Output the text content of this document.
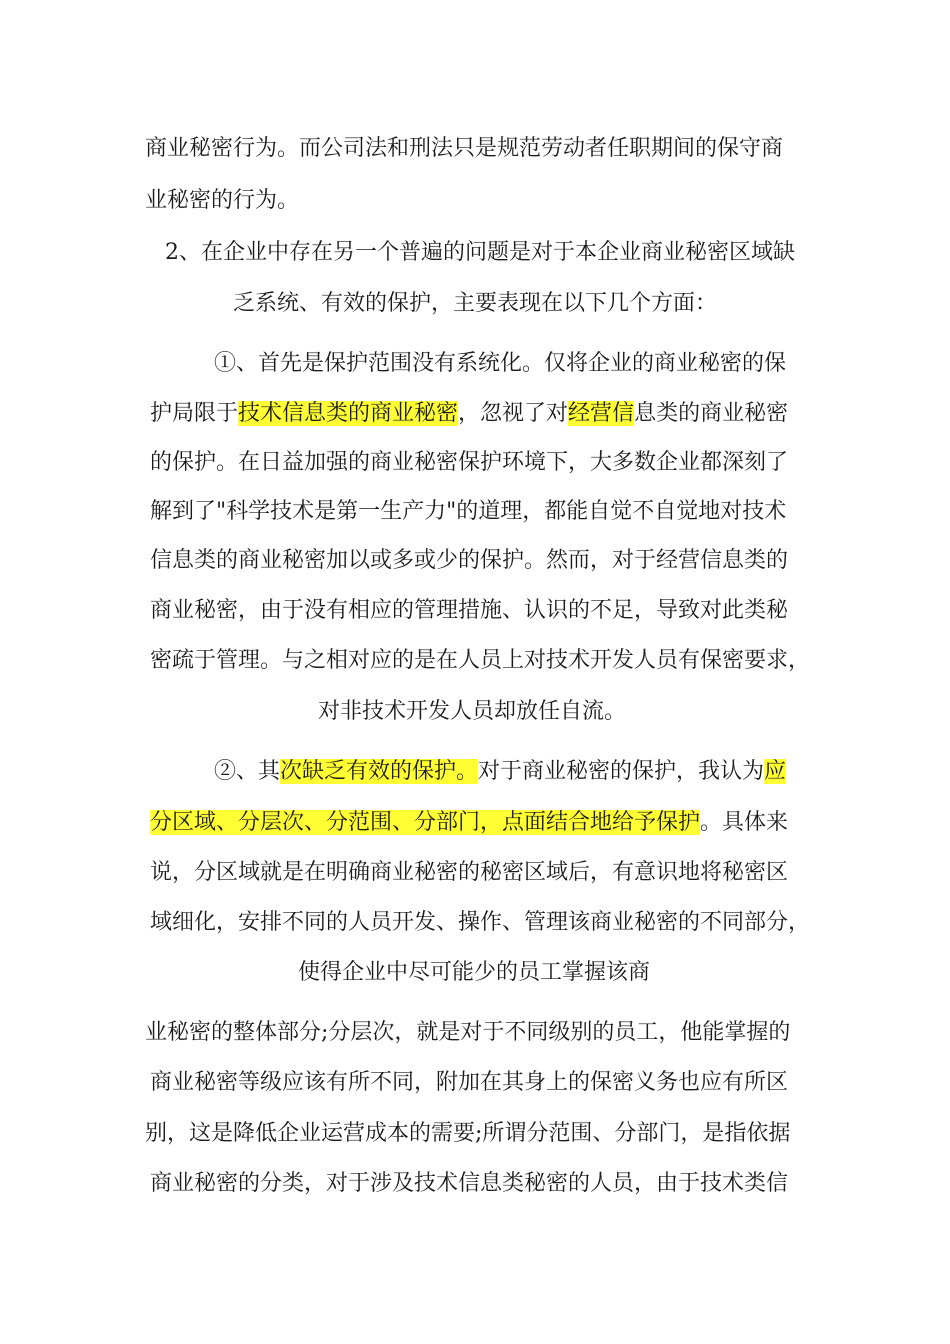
商业秘密行为。而公司法和刑法只是规范劳动者任职期间的保守商
业秘密的行为。
2、在企业中存在另一个普遍的问题是对于本企业商业秘密区域缺
乏系统、有效的保护，主要表现在以下几个方面：
①、首先是保护范围没有系统化。仅将企业的商业秘密的保
护局限于技术信息类的商业秘密，忽视了对经营信息类的商业秘密
的保护。在日益加强的商业秘密保护环境下，大多数企业都深刻了
解到了"科学技术是第一生产力"的道理，都能自觉不自觉地对技术
信息类的商业秘密加以或多或少的保护。然而，对于经营信息类的
商业秘密，由于没有相应的管理措施、认识的不足，导致对此类秘
密疏于管理。与之相对应的是在人员上对技术开发人员有保密要求，
对非技术开发人员却放任自流。
②、其次缺乏有效的保护。对于商业秘密的保护，我认为应
分区域、分层次、分范围、分部门，点面结合地给予保护。具体来
说，分区域就是在明确商业秘密的秘密区域后，有意识地将秘密区
域细化，安排不同的人员开发、操作、管理该商业秘密的不同部分，
使得企业中尽可能少的员工掌握该商
业秘密的整体部分;分层次，就是对于不同级别的员工，他能掌握的
商业秘密等级应该有所不同，附加在其身上的保密义务也应有所区
别，这是降低企业运营成本的需要;所谓分范围、分部门，是指依据
商业秘密的分类，对于涉及技术信息类秘密的人员，由于技术类信
